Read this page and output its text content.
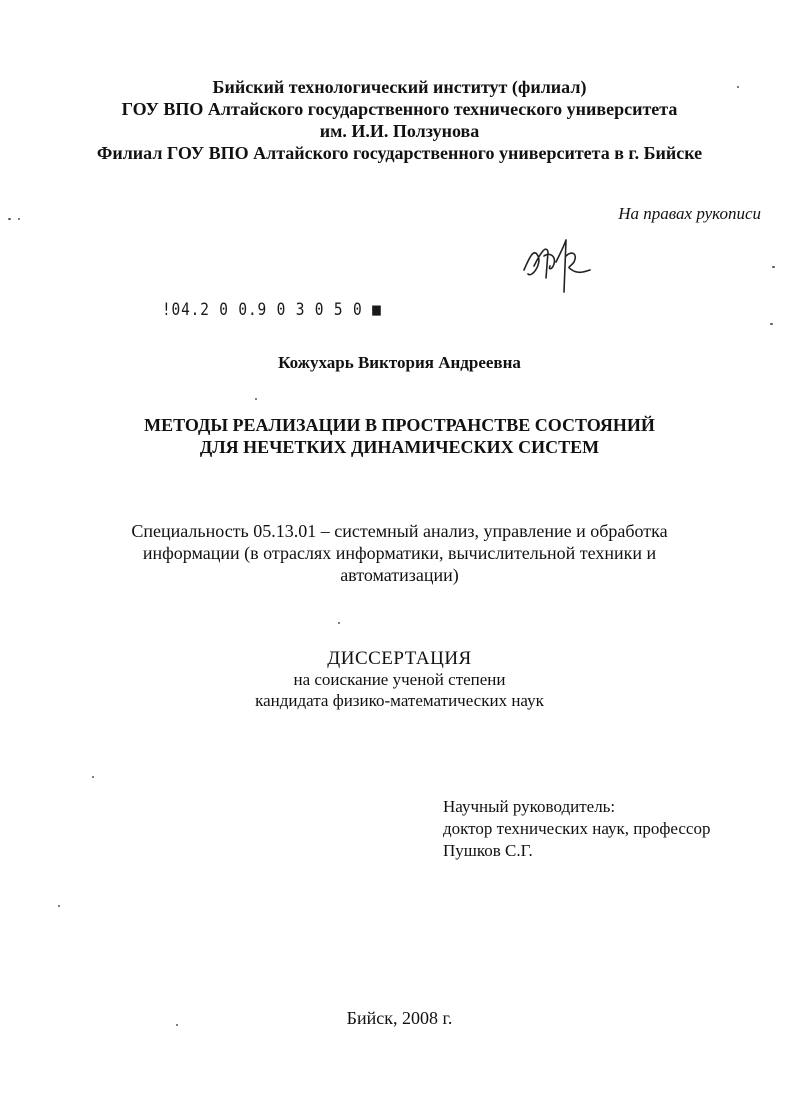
Бийский технологический институт (филиал)
ГОУ ВПО Алтайского государственного технического университета
им. И.И. Ползунова
Филиал ГОУ ВПО Алтайского государственного университета в г. Бийске
На правах рукописи
!04.2 0 0.9 0 3 0 5 0 ■
Кожухарь Виктория Андреевна
МЕТОДЫ РЕАЛИЗАЦИИ В ПРОСТРАНСТВЕ СОСТОЯНИЙ
ДЛЯ НЕЧЕТКИХ ДИНАМИЧЕСКИХ СИСТЕМ
Специальность 05.13.01 – системный анализ, управление и обработка
информации (в отраслях информатики, вычислительной техники и
автоматизации)
ДИССЕРТАЦИЯ
на соискание ученой степени
кандидата физико-математических наук
Научный руководитель:
доктор технических наук, профессор
Пушков С.Г.
Бийск, 2008 г.
